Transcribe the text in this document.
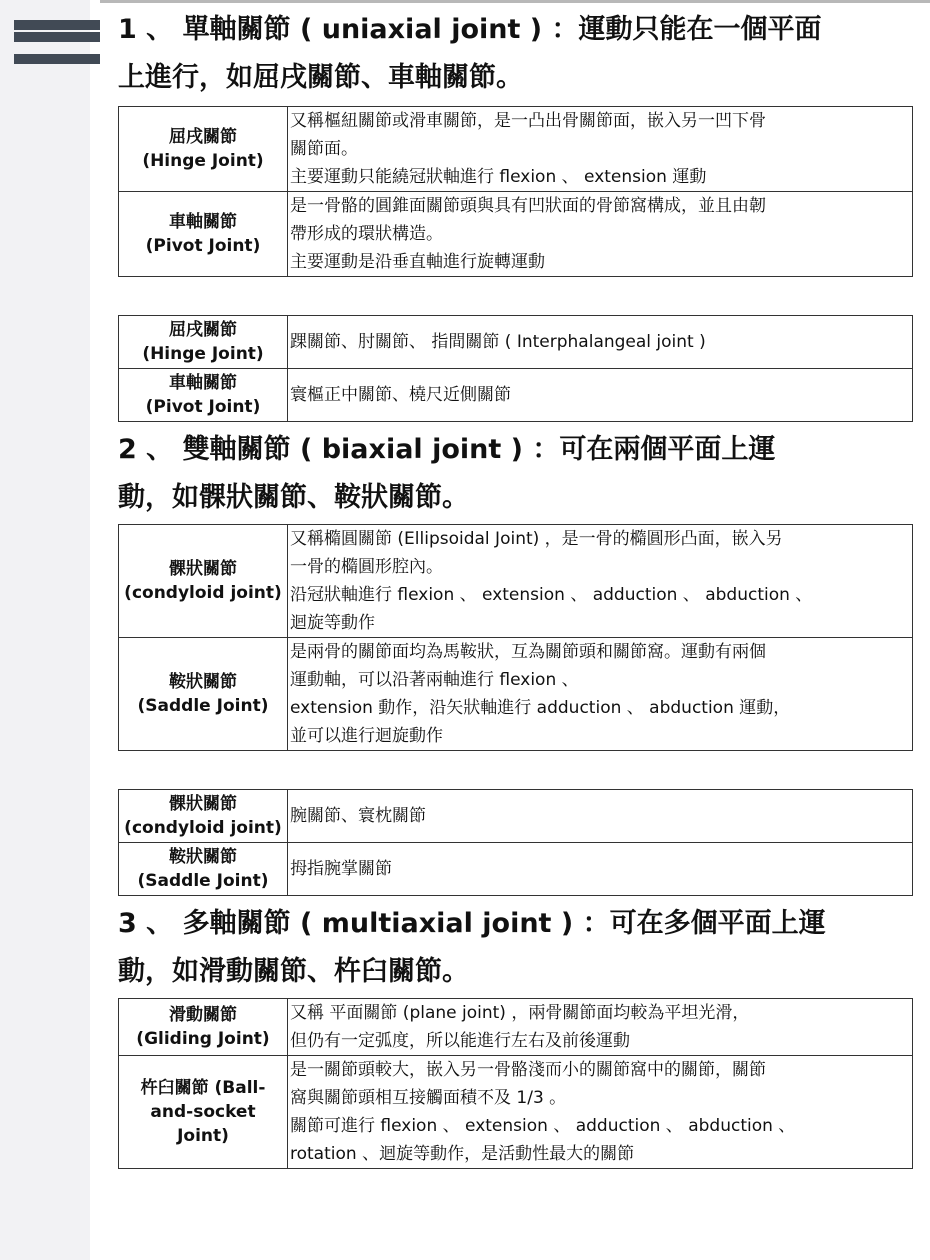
1 、 單軸關節 ( uniaxial joint ) ：運動只能在一個平面

上進行，如屈戌關節、車軸關節。

屈戌關節
(Hinge Joint)	又稱樞紐關節或滑車關節，是一凸出骨關節面，嵌入另一凹下骨
關節面。
主要運動只能繞冠狀軸進行 flexion 、 extension 運動

車軸關節
(Pivot Joint)	是一骨骼的圓錐面關節頭與具有凹狀面的骨節窩構成，並且由韌
帶形成的環狀構造。
主要運動是沿垂直軸進行旋轉運動
屈戌關節
(Hinge Joint)	踝關節、肘關節、 指間關節 ( Interphalangeal joint )

車軸關節
(Pivot Joint)	寰樞正中關節、橈尺近側關節

2 、 雙軸關節 ( biaxial joint ) ：可在兩個平面上運

動，如髁狀關節、鞍狀關節。

髁狀關節
(condyloid joint)	又稱橢圓關節 (Ellipsoidal Joint) ，是一骨的橢圓形凸面，嵌入另
一骨的橢圓形腔內。
沿冠狀軸進行 flexion 、 extension 、 adduction 、 abduction 、
迴旋等動作

鞍狀關節
(Saddle Joint)	是兩骨的關節面均為馬鞍狀，互為關節頭和關節窩。運動有兩個
運動軸，可以沿著兩軸進行 flexion 、
extension 動作，沿矢狀軸進行 adduction 、 abduction 運動，
並可以進行迴旋動作
髁狀關節
(condyloid joint)	腕關節、寰枕關節

鞍狀關節
(Saddle Joint)	拇指腕掌關節

3 、 多軸關節 ( multiaxial joint ) ：可在多個平面上運

動，如滑動關節、杵臼關節。

滑動關節
(Gliding Joint)	又稱 平面關節 (plane joint) ，兩骨關節面均較為平坦光滑，
但仍有一定弧度，所以能進行左右及前後運動

杵臼關節 (Ball-
and-socket
Joint)	是一關節頭較大，嵌入另一骨骼淺而小的關節窩中的關節，關節
窩與關節頭相互接觸面積不及 1/3 。
關節可進行 flexion 、 extension 、 adduction 、 abduction 、
rotation 、迴旋等動作，是活動性最大的關節
